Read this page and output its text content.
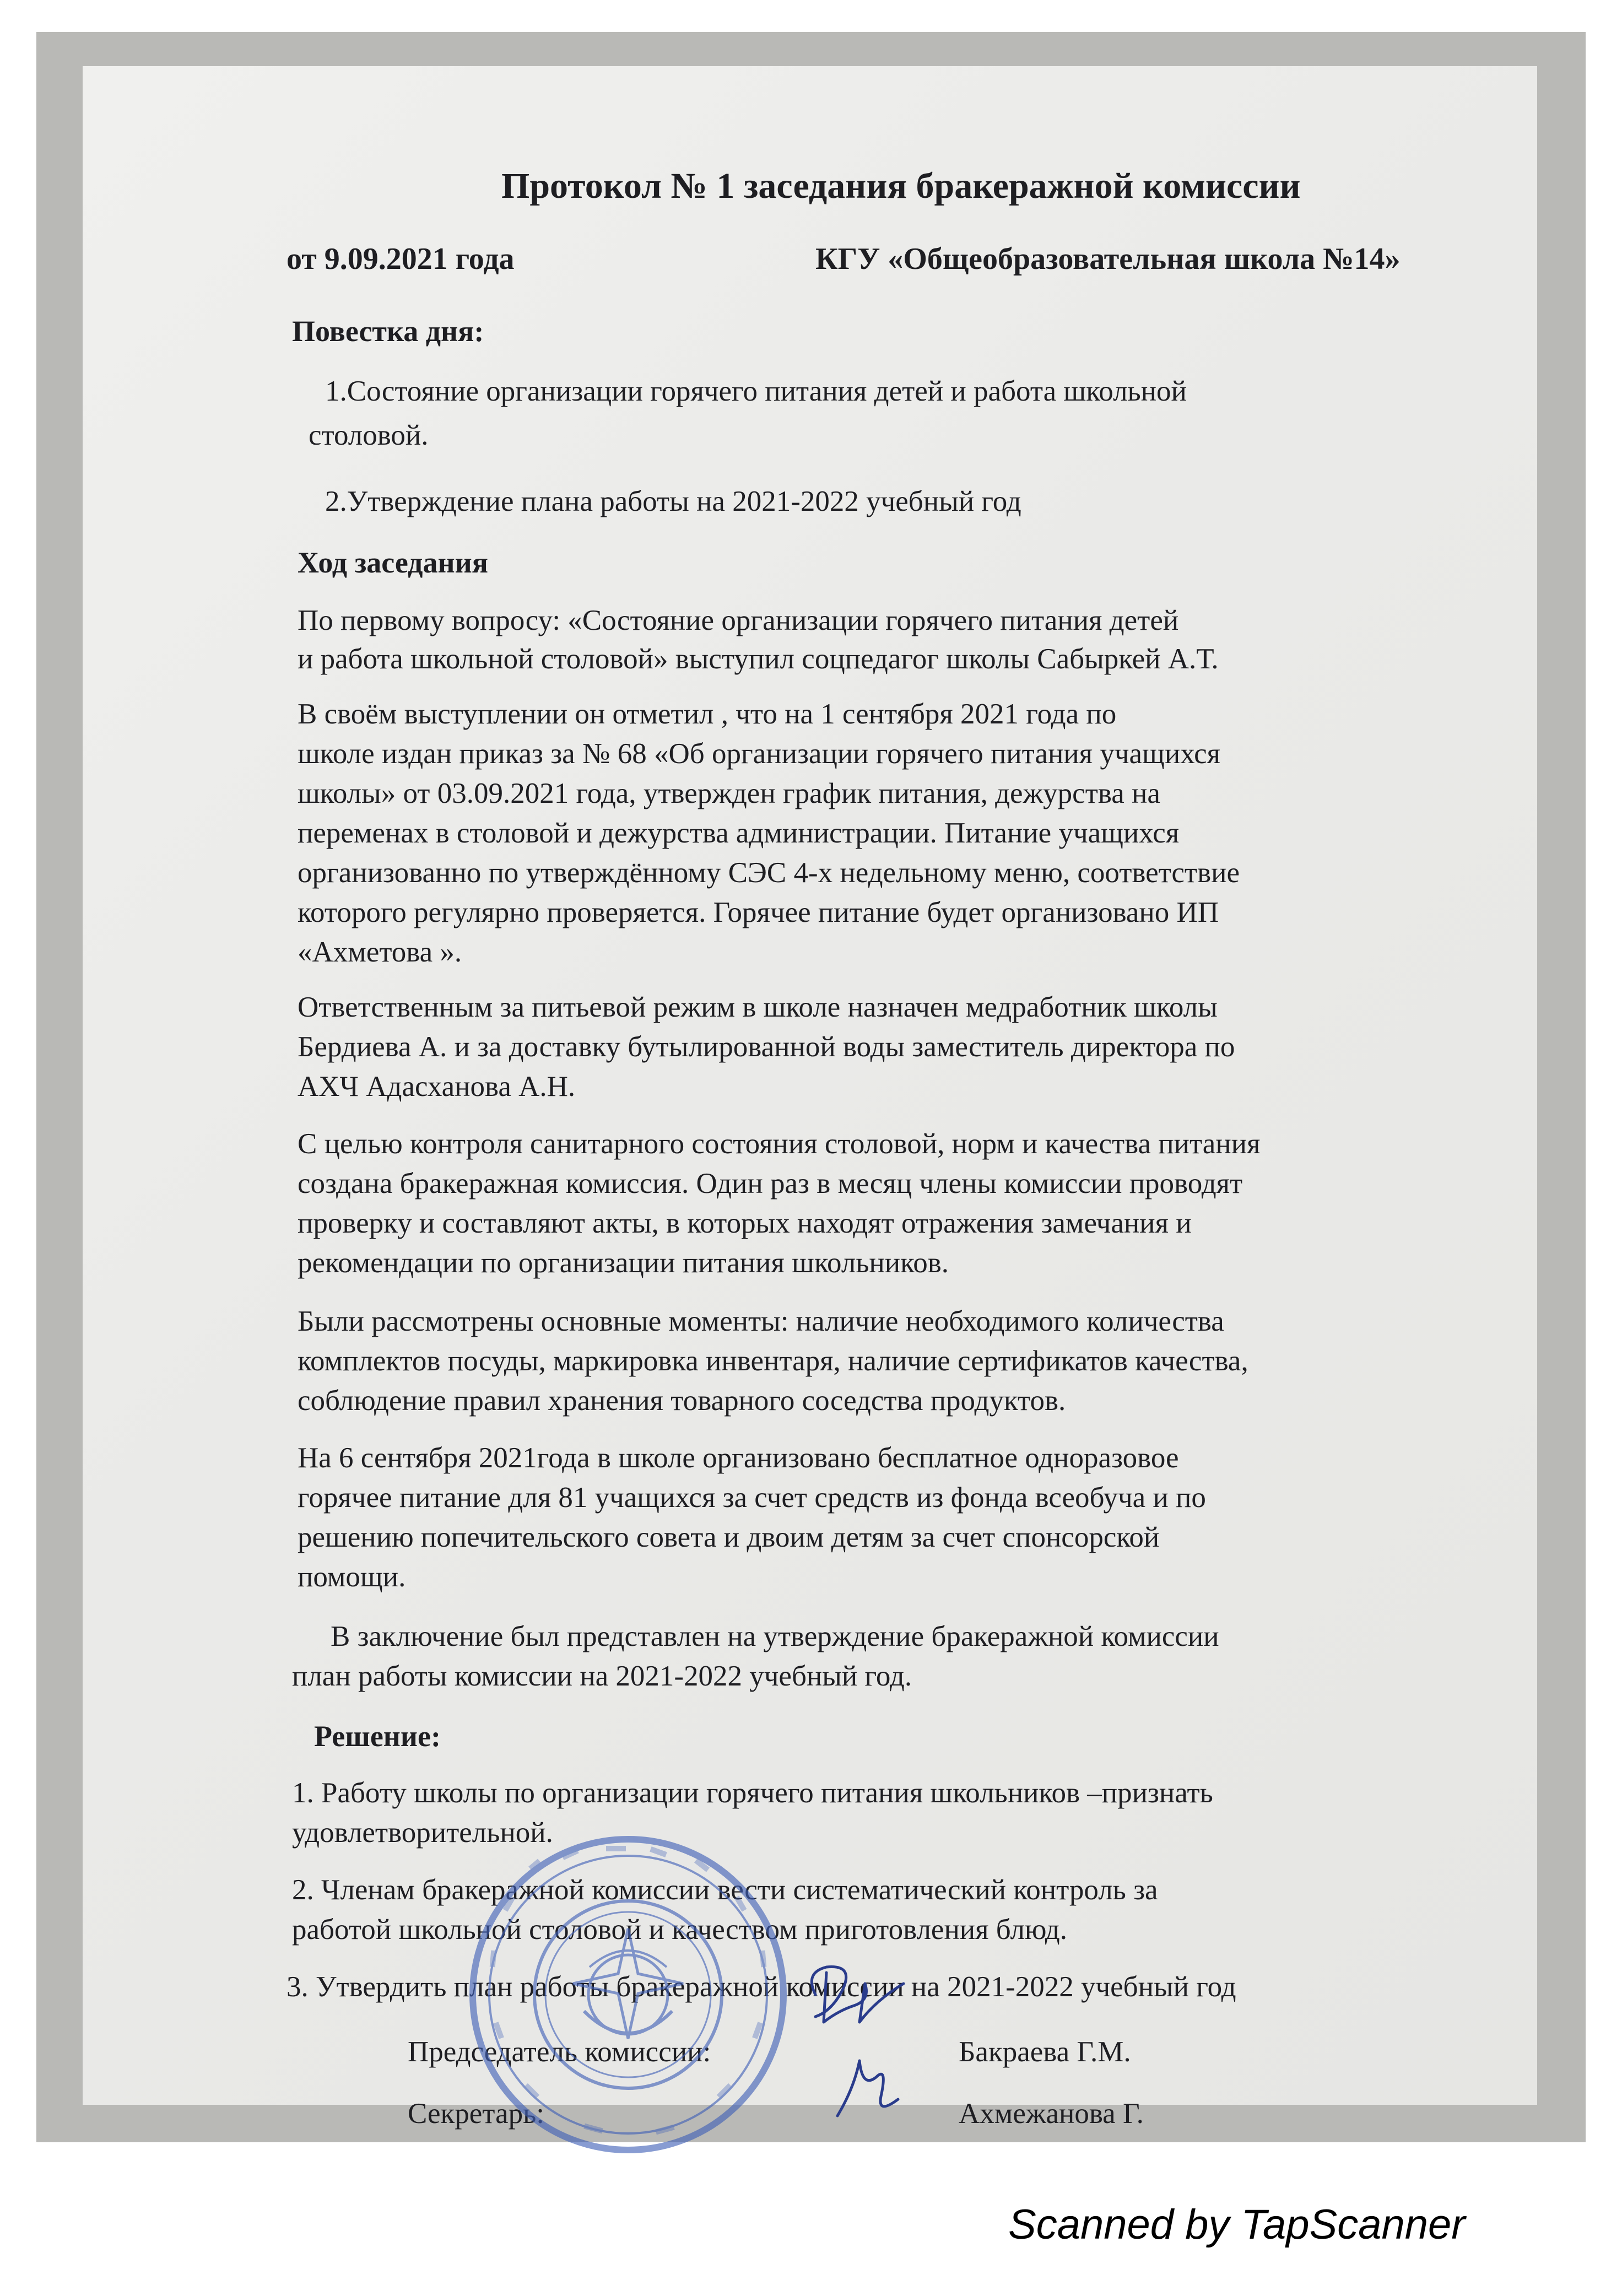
Протокол № 1 заседания бракеражной комиссии
от 9.09.2021 года	КГУ «Общеобразовательная школа №14»
Повестка дня:
1.Состояние организации горячего питания детей и работа школьной
столовой.
2.Утверждение плана работы на 2021-2022 учебный год
Ход заседания
По первому вопросу: «Состояние организации горячего питания детей
и работа школьной столовой» выступил соцпедагог школы Сабыркей А.Т.
В своём выступлении он отметил , что на 1 сентября 2021 года по
школе издан приказ за № 68 «Об организации горячего питания учащихся
школы» от 03.09.2021 года, утвержден график питания, дежурства на
переменах в столовой и дежурства администрации. Питание учащихся
организованно по утверждённому СЭС 4-х недельному меню, соответствие
которого регулярно проверяется. Горячее питание будет организовано ИП
«Ахметова ».
Ответственным за питьевой режим в школе назначен медработник школы
Бердиева А. и за доставку бутылированной воды заместитель директора по
АХЧ Адасханова А.Н.
С целью контроля санитарного состояния столовой, норм и качества питания
создана бракеражная комиссия. Один раз в месяц члены комиссии проводят
проверку и составляют акты, в которых находят отражения замечания и
рекомендации по организации питания школьников.
Были рассмотрены основные моменты: наличие необходимого количества
комплектов посуды, маркировка инвентаря, наличие сертификатов качества,
соблюдение правил хранения товарного соседства продуктов.
На 6 сентября 2021года в школе организовано бесплатное одноразовое
горячее питание для 81 учащихся за счет средств из фонда всеобуча и по
решению попечительского совета и двоим детям за счет спонсорской
помощи.
В заключение был представлен на утверждение бракеражной комиссии
план работы комиссии на 2021-2022 учебный год.
Решение:
1. Работу школы по организации горячего питания школьников –признать
удовлетворительной.
2. Членам бракеражной комиссии вести систематический контроль за
работой школьной столовой и качеством приготовления блюд.
3. Утвердить план работы бракеражной комиссии на 2021-2022 учебный год
Председатель комиссии:	Бакраева Г.М.
Секретарь:	Ахмежанова Г.
Scanned by TapScanner
